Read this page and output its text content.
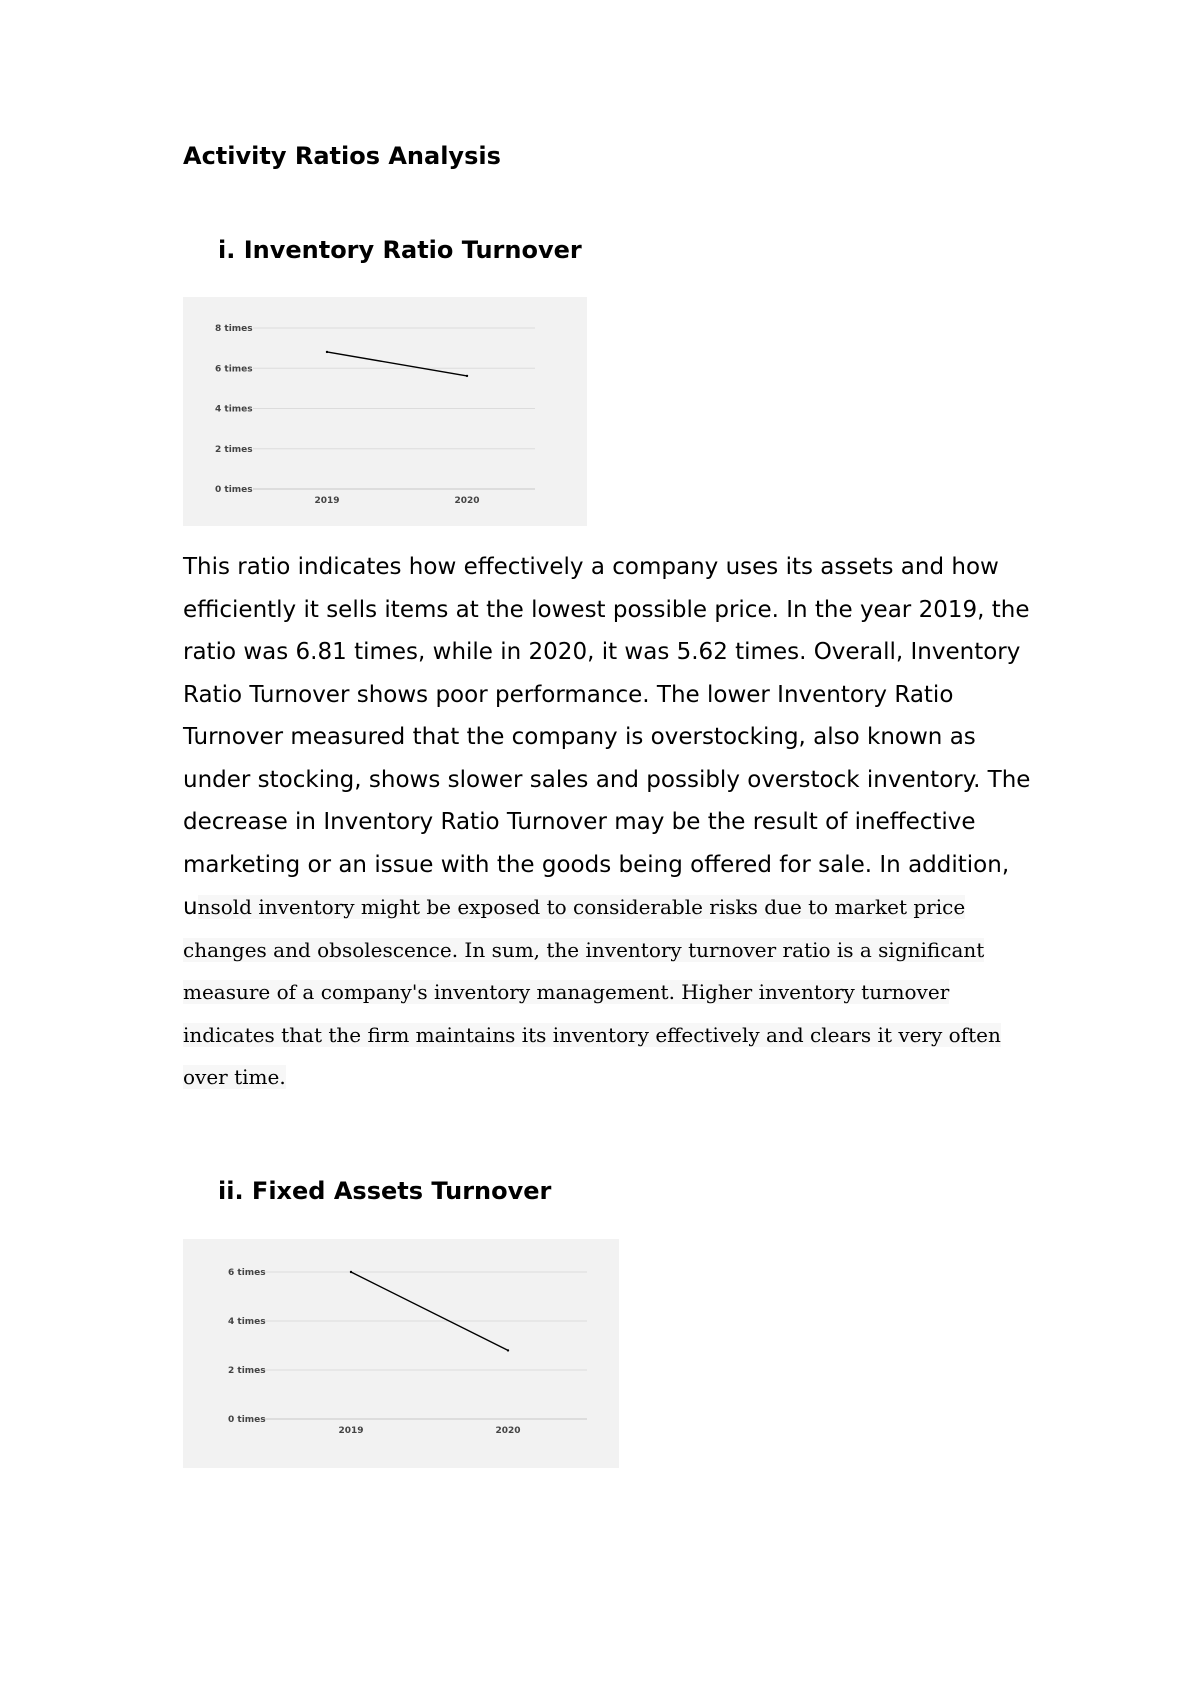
Activity Ratios Analysis
i. Inventory Ratio Turnover
0 times
2 times
4 times
6 times
8 times
2019	2020

This ratio indicates how effectively a company uses its assets and how efficiently it sells items at the lowest possible price. In the year 2019, the ratio was 6.81 times, while in 2020, it was 5.62 times. Overall, Inventory Ratio Turnover shows poor performance. The lower Inventory Ratio Turnover measured that the company is overstocking, also known as under stocking, shows slower sales and possibly overstock inventory. The decrease in Inventory Ratio Turnover may be the result of ineffective marketing or an issue with the goods being offered for sale. In addition, unsold inventory might be exposed to considerable risks due to market price changes and obsolescence. In sum, the inventory turnover ratio is a significant measure of a company's inventory management. Higher inventory turnover indicates that the firm maintains its inventory effectively and clears it very often over time.

ii. Fixed Assets Turnover
0 times
2 times
4 times
6 times
2019	2020
